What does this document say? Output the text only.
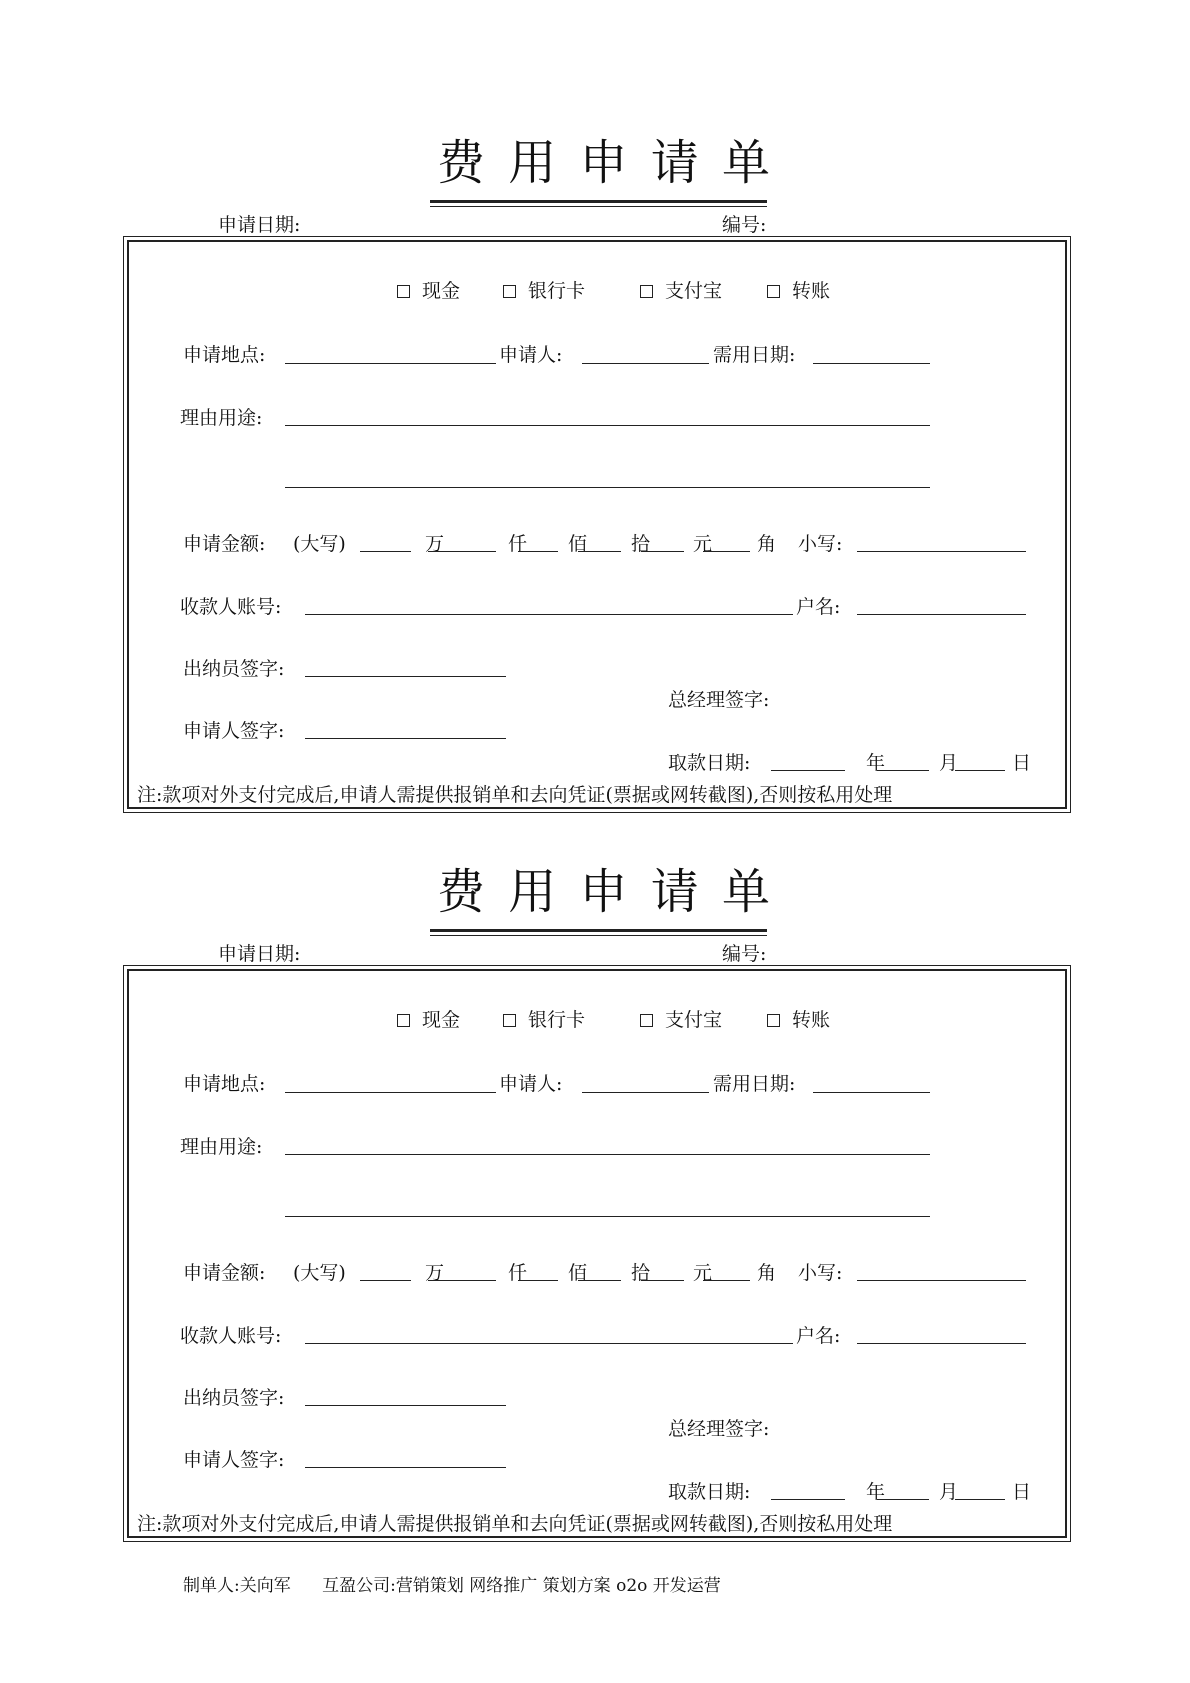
费 用 申 请 单
申请日期:	编号:
现金	银行卡	支付宝	转账
申请地点:	申请人:	需用日期:
理由用途:
申请金额: (大写)	万	仟 佰 拾 元 角 小写:
收款人账号:	户名:
出纳员签字:
总经理签字:
申请人签字:
取款日期:	年	月	日
注:款项对外支付完成后,申请人需提供报销单和去向凭证(票据或网转截图),否则按私用处理
费 用 申 请 单
申请日期:	编号:
现金	银行卡	支付宝	转账
申请地点:	申请人:	需用日期:
理由用途:
申请金额: (大写)	万	仟 佰 拾 元 角 小写:
收款人账号:	户名:
出纳员签字:
总经理签字:
申请人签字:
取款日期:	年	月	日
注:款项对外支付完成后,申请人需提供报销单和去向凭证(票据或网转截图),否则按私用处理
制单人:关向军 互盈公司:营销策划 网络推广 策划方案 o2o 开发运营
